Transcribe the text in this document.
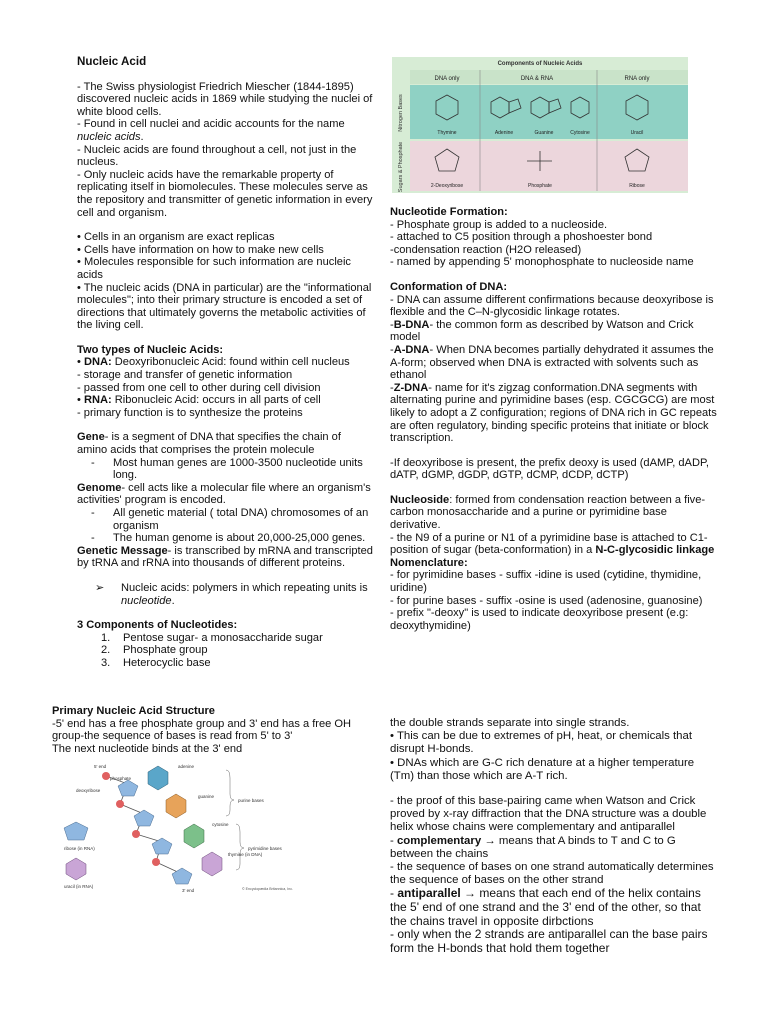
Nucleic Acid

- The Swiss physiologist Friedrich Miescher (1844-1895) discovered nucleic acids in 1869 while studying the nuclei of white blood cells.

- Found in cell nuclei and acidic accounts for the name nucleic acids.

- Nucleic acids are found throughout a cell, not just in the nucleus.

- Only nucleic acids have the remarkable property of replicating itself in biomolecules. These molecules serve as the repository and transmitter of genetic information in every cell and organism.

• Cells in an organism are exact replicas

• Cells have information on how to make new cells

• Molecules responsible for such information are nucleic acids

• The nucleic acids (DNA in particular) are the "informational molecules"; into their primary structure is encoded a set of directions that ultimately governs the metabolic activities of the living cell.

Two types of Nucleic Acids:

• DNA: Deoxyribonucleic Acid: found within cell nucleus

- storage and transfer of genetic information

- passed from one cell to other during cell division

• RNA: Ribonucleic Acid: occurs in all parts of cell

- primary function is to synthesize the proteins

Gene- is a segment of DNA that specifies the chain of amino acids that comprises the protein molecule

- Most human genes are 1000-3500 nucleotide units long.

Genome- cell acts like a molecular file where an organism's activities' program is encoded.

- All genetic material ( total DNA) chromosomes of an organism
- The human genome is about 20,000-25,000 genes.

Genetic Message- is transcribed by mRNA and transcripted by tRNA and rRNA into thousands of different proteins.

➢ Nucleic acids: polymers in which repeating units is nucleotide.

3 Components of Nucleotides:

1. Pentose sugar- a monosaccharide sugar
2. Phosphate group
3. Heterocyclic base
Components of Nucleic Acids
DNA only	DNA & RNA	RNA only
Nitrogen Bases
Sugars & Phosphate
Thymine	Adenine	Guanine	Cytosine	Uracil
2-Deoxyribose	Phosphate	Ribose

Nucleotide Formation:

- Phosphate group is added to a nucleoside.

- attached to C5 position through a phoshoester bond

-condensation reaction (H2O released)

- named by appending 5' monophosphate to nucleoside name

Conformation of DNA:

- DNA can assume different confirmations because deoxyribose is flexible and the C–N-glycosidic linkage rotates.

-B-DNA- the common form as described by Watson and Crick model

-A-DNA- When DNA becomes partially dehydrated it assumes the A-form; observed when DNA is extracted with solvents such as ethanol

-Z-DNA- name for it's zigzag conformation.DNA segments with alternating purine and pyrimidine bases (esp. CGCGCG) are most likely to adopt a Z configuration; regions of DNA rich in GC repeats are often regulatory, binding specific proteins that initiate or block transcription.

-If deoxyribose is present, the prefix deoxy is used (dAMP, dADP, dATP, dGMP, dGDP, dGTP, dCMP, dCDP, dCTP)

Nucleoside: formed from condensation reaction between a five-carbon monosaccharide and a purine or pyrimidine base derivative.

- the N9 of a purine or N1 of a pyrimidine base is attached to C1- position of sugar (beta-conformation) in a N-C-glycosidic linkage

Nomenclature:

- for pyrimidine bases - suffix -idine is used (cytidine, thymidine, uridine)

- for purine bases - suffix -osine is used (adenosine, guanosine)

- prefix "-deoxy" is used to indicate deoxyribose present (e.g: deoxythymidine)

Primary Nucleic Acid Structure

-5' end has a free phosphate group and 3' end has a free OH group-the sequence of bases is read from 5' to 3'

The next nucleotide binds at the 3' end

5' end
phosphate
deoxyribose
adenine
guanine
cytosine
thymine (in DNA)
purine bases
pyrimidine bases
ribose (in RNA)
uracil (in RNA)
3' end	© Encyclopædia Britannica, Inc.

the double strands separate into single strands.

• This can be due to extremes of pH, heat, or chemicals that disrupt H-bonds.

• DNAs which are G-C rich denature at a higher temperature (Tm) than those which are A-T rich.

- the proof of this base-pairing came when Watson and Crick proved by x-ray diffraction that the DNA structure was a double helix whose chains were complementary and antiparallel

- complementary → means that A binds to T and C to G between the chains

- the sequence of bases on one strand automatically determines the sequence of bases on the other strand

- antiparallel → means that each end of the helix contains the 5' end of one strand and the 3' end of the other, so that the chains travel in opposite dirbctions

- only when the 2 strands are antiparallel can the base pairs form the H-bonds that hold them together
